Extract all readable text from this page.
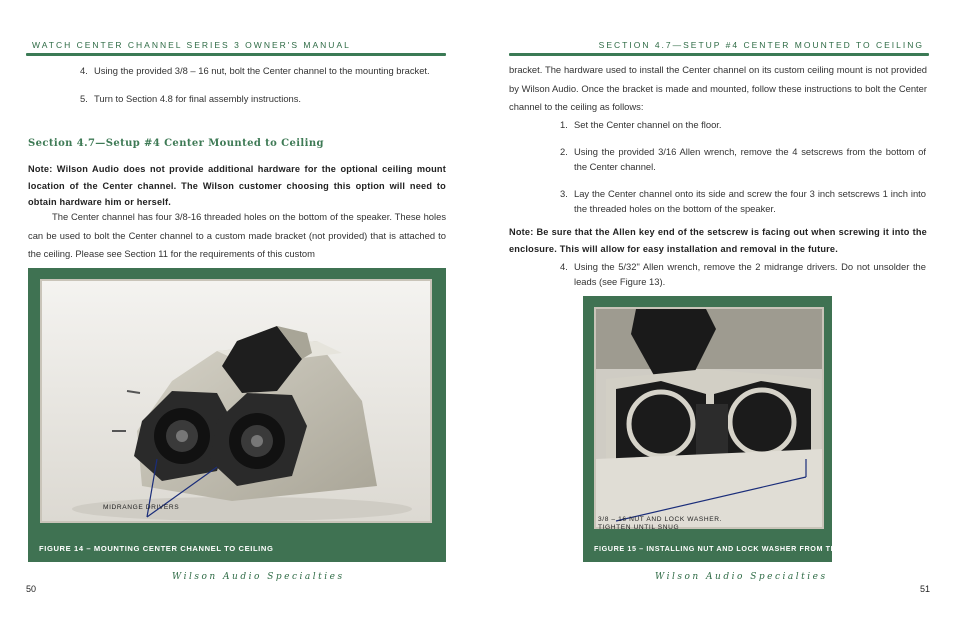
WATCH CENTER CHANNEL SERIES 3 OWNER'S MANUAL
4. Using the provided 3/8 – 16 nut, bolt the Center channel to the mounting bracket.

5. Turn to Section 4.8 for final assembly instructions.

Section 4.7—Setup #4 Center Mounted to Ceiling
Note: Wilson Audio does not provide additional hardware for the optional ceiling mount location of the Center channel. The Wilson customer choosing this option will need to obtain hardware him or herself.
The Center channel has four 3/8-16 threaded holes on the bottom of the speaker. These holes can be used to bolt the Center channel to a custom made bracket (not provided) that is attached to the ceiling. Please see Section 11 for the requirements of this custom
MIDRANGE DRIVERS
FIGURE 14 – MOUNTING CENTER CHANNEL TO CEILING
Wilson Audio Specialties
50
SECTION 4.7—SETUP #4 CENTER MOUNTED TO CEILING
bracket. The hardware used to install the Center channel on its custom ceiling mount is not provided by Wilson Audio. Once the bracket is made and mounted, follow these instructions to bolt the Center channel to the ceiling as follows:
1. Set the Center channel on the floor.

2. Using the provided 3/16 Allen wrench, remove the 4 setscrews from the bottom of the Center channel.

3. Lay the Center channel onto its side and screw the four 3 inch setscrews 1 inch into the threaded holes on the bottom of the speaker.

Note: Be sure that the Allen key end of the setscrew is facing out when screwing it into the enclosure. This will allow for easy installation and removal in the future.
4. Using the 5/32" Allen wrench, remove the 2 midrange drivers. Do not unsolder the leads (see Figure 13).

3/8 – 16 NUT AND LOCK WASHER.
TIGHTEN UNTIL SNUG
FIGURE 15 – INSTALLING NUT AND LOCK WASHER FROM THE INSIDE
Wilson Audio Specialties
51
